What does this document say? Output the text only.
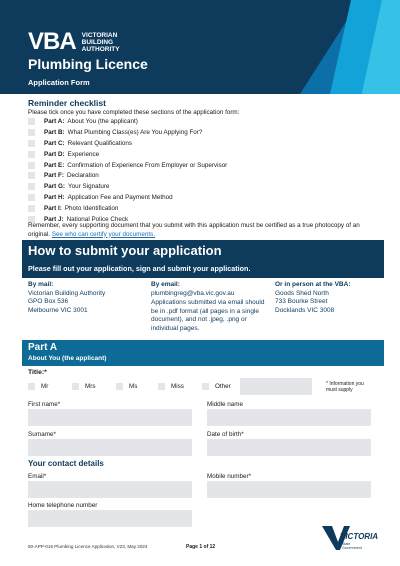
VBA VICTORIAN
BUILDING
AUTHORITY
Plumbing Licence
Application Form
Reminder checklist
Please tick once you have completed these sections of the application form:
Part A: About You (the applicant)
Part B: What Plumbing Class(es) Are You Applying For?
Part C: Relevant Qualifications
Part D: Experience
Part E: Confirmation of Experience From Employer or Supervisor
Part F: Declaration
Part G: Your Signature
Part H: Application Fee and Payment Method
Part I: Photo Identification
Part J: National Police Check
Remember, every supporting document that you submit with this application must be certified as a true photocopy of an original. See who can certify your documents.
How to submit your application
Please fill out your application, sign and submit your application.
By mail:
Victorian Building Authority
GPO Box 536
Melbourne VIC 3001
By email:
plumbingreg@vba.vic.gov.au
Applications submitted via email should be in .pdf format (all pages in a single document), and not .jpeg, .png or individual pages.
Or in person at the VBA:
Goods Shed North
733 Bourke Street
Docklands VIC 3008
Part A
About You (the applicant)
Title:*
Mr	Mrs	Ms	Miss	Other	* Information you must supply
First name*	Middle name
Surname*	Date of birth*
Your contact details
Email*	Mobile number*
Home telephone number
50-APP-016 Plumbing Licence Application, V23, May 2024	Page 1 of 12
VICTORIA
State
Government
